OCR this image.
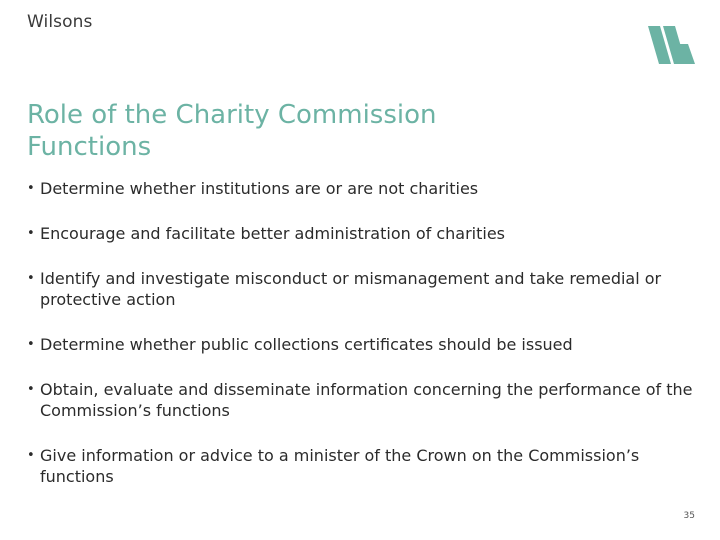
Wilsons
Role of the Charity Commission
Functions
• Determine whether institutions are or are not charities
• Encourage and facilitate better administration of charities
• Identify and investigate misconduct or mismanagement and take remedial or protective action
• Determine whether public collections certificates should be issued
• Obtain, evaluate and disseminate information concerning the performance of the Commission’s functions
• Give information or advice to a minister of the Crown on the Commission’s functions
35
